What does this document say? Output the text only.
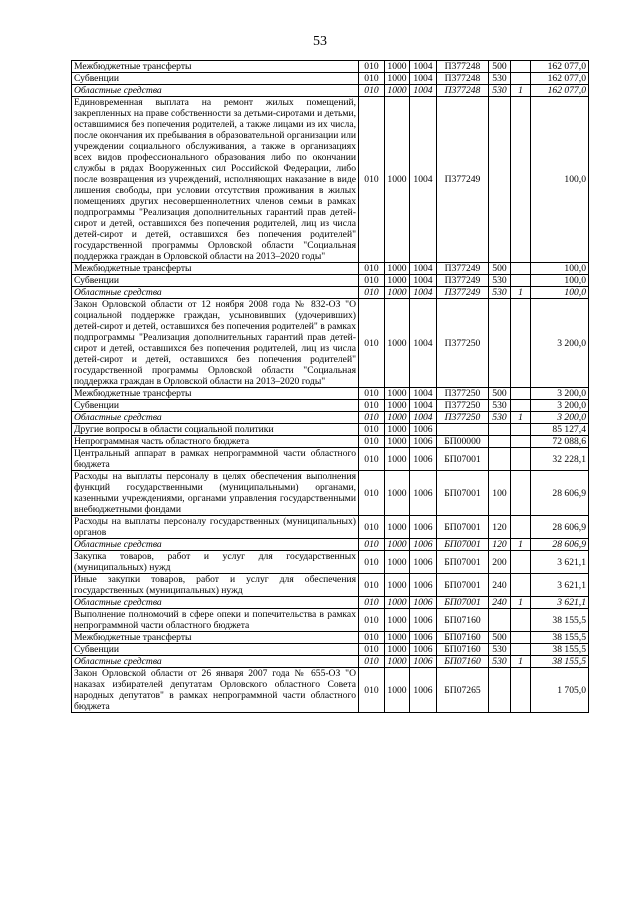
53
Межбюджетные трансферты	010	1000	1004	П377248	500		162 077,0
Субвенции	010	1000	1004	П377248	530		162 077,0
Областные средства	010	1000	1004	П377248	530	1	162 077,0
Единовременная выплата на ремонт жилых помещений, закрепленных на праве собственности за детьми-сиротами и детьми, оставшимися без попечения родителей, а также лицами из их числа, после окончания их пребывания в образовательной организации или учреждении социального обслуживания, а также в организациях всех видов профессионального образования либо по окончании службы в рядах Вооруженных сил Российской Федерации, либо после возвращения из учреждений, исполняющих наказание в виде лишения свободы, при условии отсутствия проживания в жилых помещениях других несовершеннолетних членов семьи в рамках подпрограммы "Реализация дополнительных гарантий прав детей-сирот и детей, оставшихся без попечения родителей, лиц из числа детей-сирот и детей, оставшихся без попечения родителей" государственной программы Орловской области "Социальная поддержка граждан в Орловской области на 2013–2020 годы"	010	1000	1004	П377249			100,0
Межбюджетные трансферты	010	1000	1004	П377249	500		100,0
Субвенции	010	1000	1004	П377249	530		100,0
Областные средства	010	1000	1004	П377249	530	1	100,0
Закон Орловской области от 12 ноября 2008 года № 832-ОЗ "О социальной поддержке граждан, усыновивших (удочеривших) детей-сирот и детей, оставшихся без попечения родителей" в рамках подпрограммы "Реализация дополнительных гарантий прав детей-сирот и детей, оставшихся без попечения родителей, лиц из числа детей-сирот и детей, оставшихся без попечения родителей" государственной программы Орловской области "Социальная поддержка граждан в Орловской области на 2013–2020 годы"	010	1000	1004	П377250			3 200,0
Межбюджетные трансферты	010	1000	1004	П377250	500		3 200,0
Субвенции	010	1000	1004	П377250	530		3 200,0
Областные средства	010	1000	1004	П377250	530	1	3 200,0
Другие вопросы в области социальной политики	010	1000	1006				85 127,4
Непрограммная часть областного бюджета	010	1000	1006	БП00000			72 088,6
Центральный аппарат в рамках непрограммной части областного бюджета	010	1000	1006	БП07001			32 228,1
Расходы на выплаты персоналу в целях обеспечения выполнения функций государственными (муниципальными) органами, казенными учреждениями, органами управления государственными внебюджетными фондами	010	1000	1006	БП07001	100		28 606,9
Расходы на выплаты персоналу государственных (муниципальных) органов	010	1000	1006	БП07001	120		28 606,9
Областные средства	010	1000	1006	БП07001	120	1	28 606,9
Закупка товаров, работ и услуг для государственных (муниципальных) нужд	010	1000	1006	БП07001	200		3 621,1
Иные закупки товаров, работ и услуг для обеспечения государственных (муниципальных) нужд	010	1000	1006	БП07001	240		3 621,1
Областные средства	010	1000	1006	БП07001	240	1	3 621,1
Выполнение полномочий в сфере опеки и попечительства в рамках непрограммной части областного бюджета	010	1000	1006	БП07160			38 155,5
Межбюджетные трансферты	010	1000	1006	БП07160	500		38 155,5
Субвенции	010	1000	1006	БП07160	530		38 155,5
Областные средства	010	1000	1006	БП07160	530	1	38 155,5
Закон Орловской области от 26 января 2007 года № 655-ОЗ "О наказах избирателей депутатам Орловского областного Совета народных депутатов" в рамках непрограммной части областного бюджета	010	1000	1006	БП07265			1 705,0
